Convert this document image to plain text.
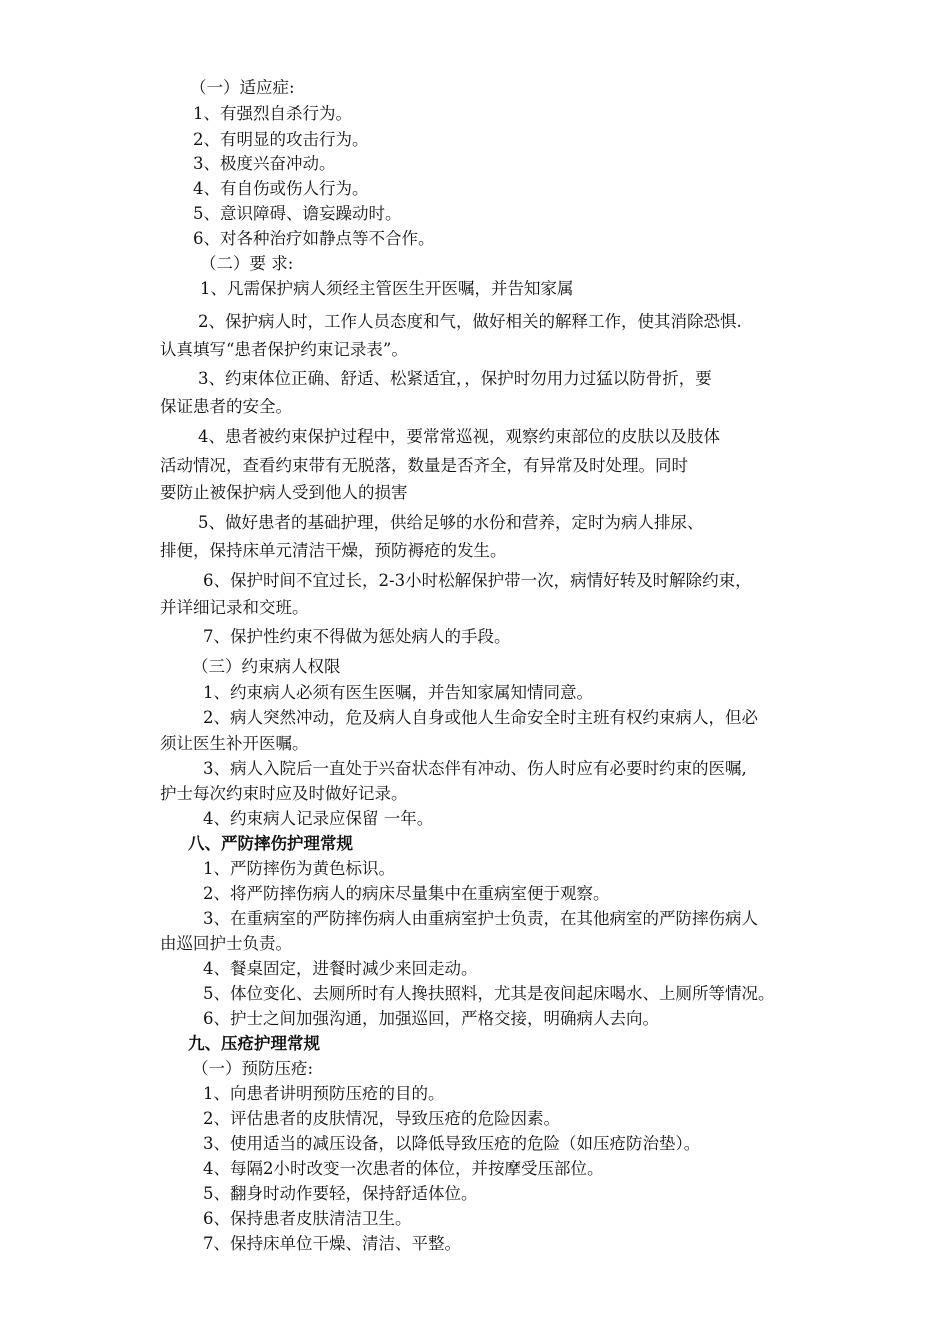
（一）适应症:
1、有强烈自杀行为。
2、有明显的攻击行为。
3、极度兴奋冲动。
4、有自伤或伤人行为。
5、意识障碍、谵妄躁动时。
6、对各种治疗如静点等不合作。
（二）要 求:
1、凡需保护病人须经主管医生开医嘱，并告知家属
2、保护病人时，工作人员态度和气，做好相关的解释工作，使其消除恐惧.
认真填写“患者保护约束记录表”。
3、约束体位正确、舒适、松紧适宜，，保护时勿用力过猛以防骨折，要
保证患者的安全。
4、患者被约束保护过程中，要常常巡视，观察约束部位的皮肤以及肢体
活动情况，查看约束带有无脱落，数量是否齐全，有异常及时处理。同时
要防止被保护病人受到他人的损害
5、做好患者的基础护理，供给足够的水份和营养，定时为病人排尿、
排便，保持床单元清洁干燥，预防褥疮的发生。
6、保护时间不宜过长，2-3小时松解保护带一次，病情好转及时解除约束，
并详细记录和交班。
7、保护性约束不得做为惩处病人的手段。
（三）约束病人权限
1、约束病人必须有医生医嘱，并告知家属知情同意。
2、病人突然冲动，危及病人自身或他人生命安全时主班有权约束病人，但必
须让医生补开医嘱。
3、病人入院后一直处于兴奋状态伴有冲动、伤人时应有必要时约束的医嘱,
护士每次约束时应及时做好记录。
4、约束病人记录应保留 一年。
八、严防摔伤护理常规
1、严防摔伤为黄色标识。
2、将严防摔伤病人的病床尽量集中在重病室便于观察。
3、在重病室的严防摔伤病人由重病室护士负责，在其他病室的严防摔伤病人
由巡回护士负责。
4、餐桌固定，进餐时减少来回走动。
5、体位变化、去厕所时有人搀扶照料，尤其是夜间起床喝水、上厕所等情况。
6、护士之间加强沟通，加强巡回，严格交接，明确病人去向。
九、压疮护理常规
（一）预防压疮:
1、向患者讲明预防压疮的目的。
2、评估患者的皮肤情况，导致压疮的危险因素。
3、使用适当的减压设备，以降低导致压疮的危险（如压疮防治垫）。
4、每隔2小时改变一次患者的体位，并按摩受压部位。
5、翻身时动作要轻，保持舒适体位。
6、保持患者皮肤清洁卫生。
7、保持床单位干燥、清洁、平整。
